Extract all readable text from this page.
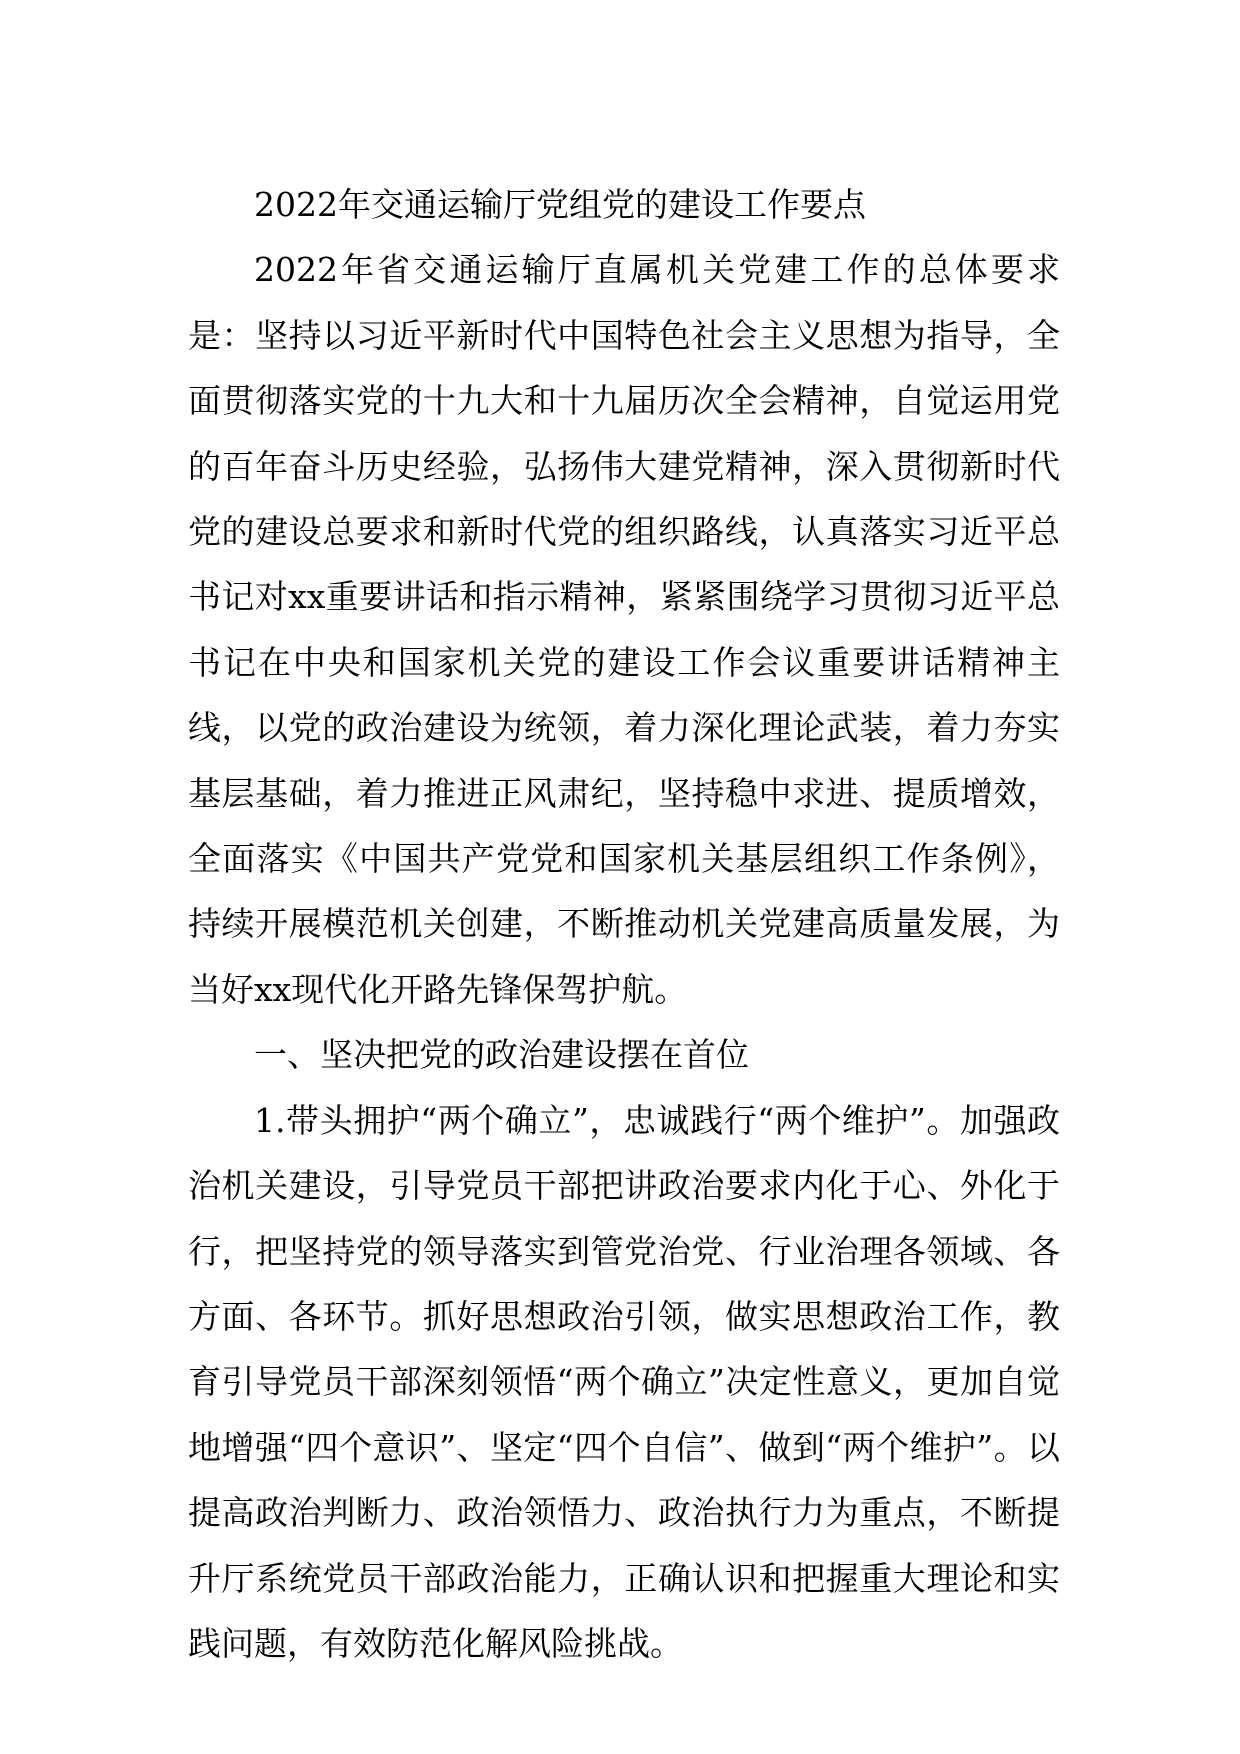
2022年交通运输厅党组党的建设工作要点

2022年省交通运输厅直属机关党建工作的总体要求是：坚持以习近平新时代中国特色社会主义思想为指导，全面贯彻落实党的十九大和十九届历次全会精神，自觉运用党的百年奋斗历史经验，弘扬伟大建党精神，深入贯彻新时代党的建设总要求和新时代党的组织路线，认真落实习近平总书记对xx重要讲话和指示精神，紧紧围绕学习贯彻习近平总书记在中央和国家机关党的建设工作会议重要讲话精神主线，以党的政治建设为统领，着力深化理论武装，着力夯实基层基础，着力推进正风肃纪，坚持稳中求进、提质增效，全面落实《中国共产党党和国家机关基层组织工作条例》，持续开展模范机关创建，不断推动机关党建高质量发展，为当好xx现代化开路先锋保驾护航。

一、坚决把党的政治建设摆在首位

1.带头拥护“两个确立”，忠诚践行“两个维护”。加强政治机关建设，引导党员干部把讲政治要求内化于心、外化于行，把坚持党的领导落实到管党治党、行业治理各领域、各方面、各环节。抓好思想政治引领，做实思想政治工作，教育引导党员干部深刻领悟“两个确立”决定性意义，更加自觉地增强“四个意识”、坚定“四个自信”、做到“两个维护”。以提高政治判断力、政治领悟力、政治执行力为重点，不断提升厅系统党员干部政治能力，正确认识和把握重大理论和实践问题，有效防范化解风险挑战。
